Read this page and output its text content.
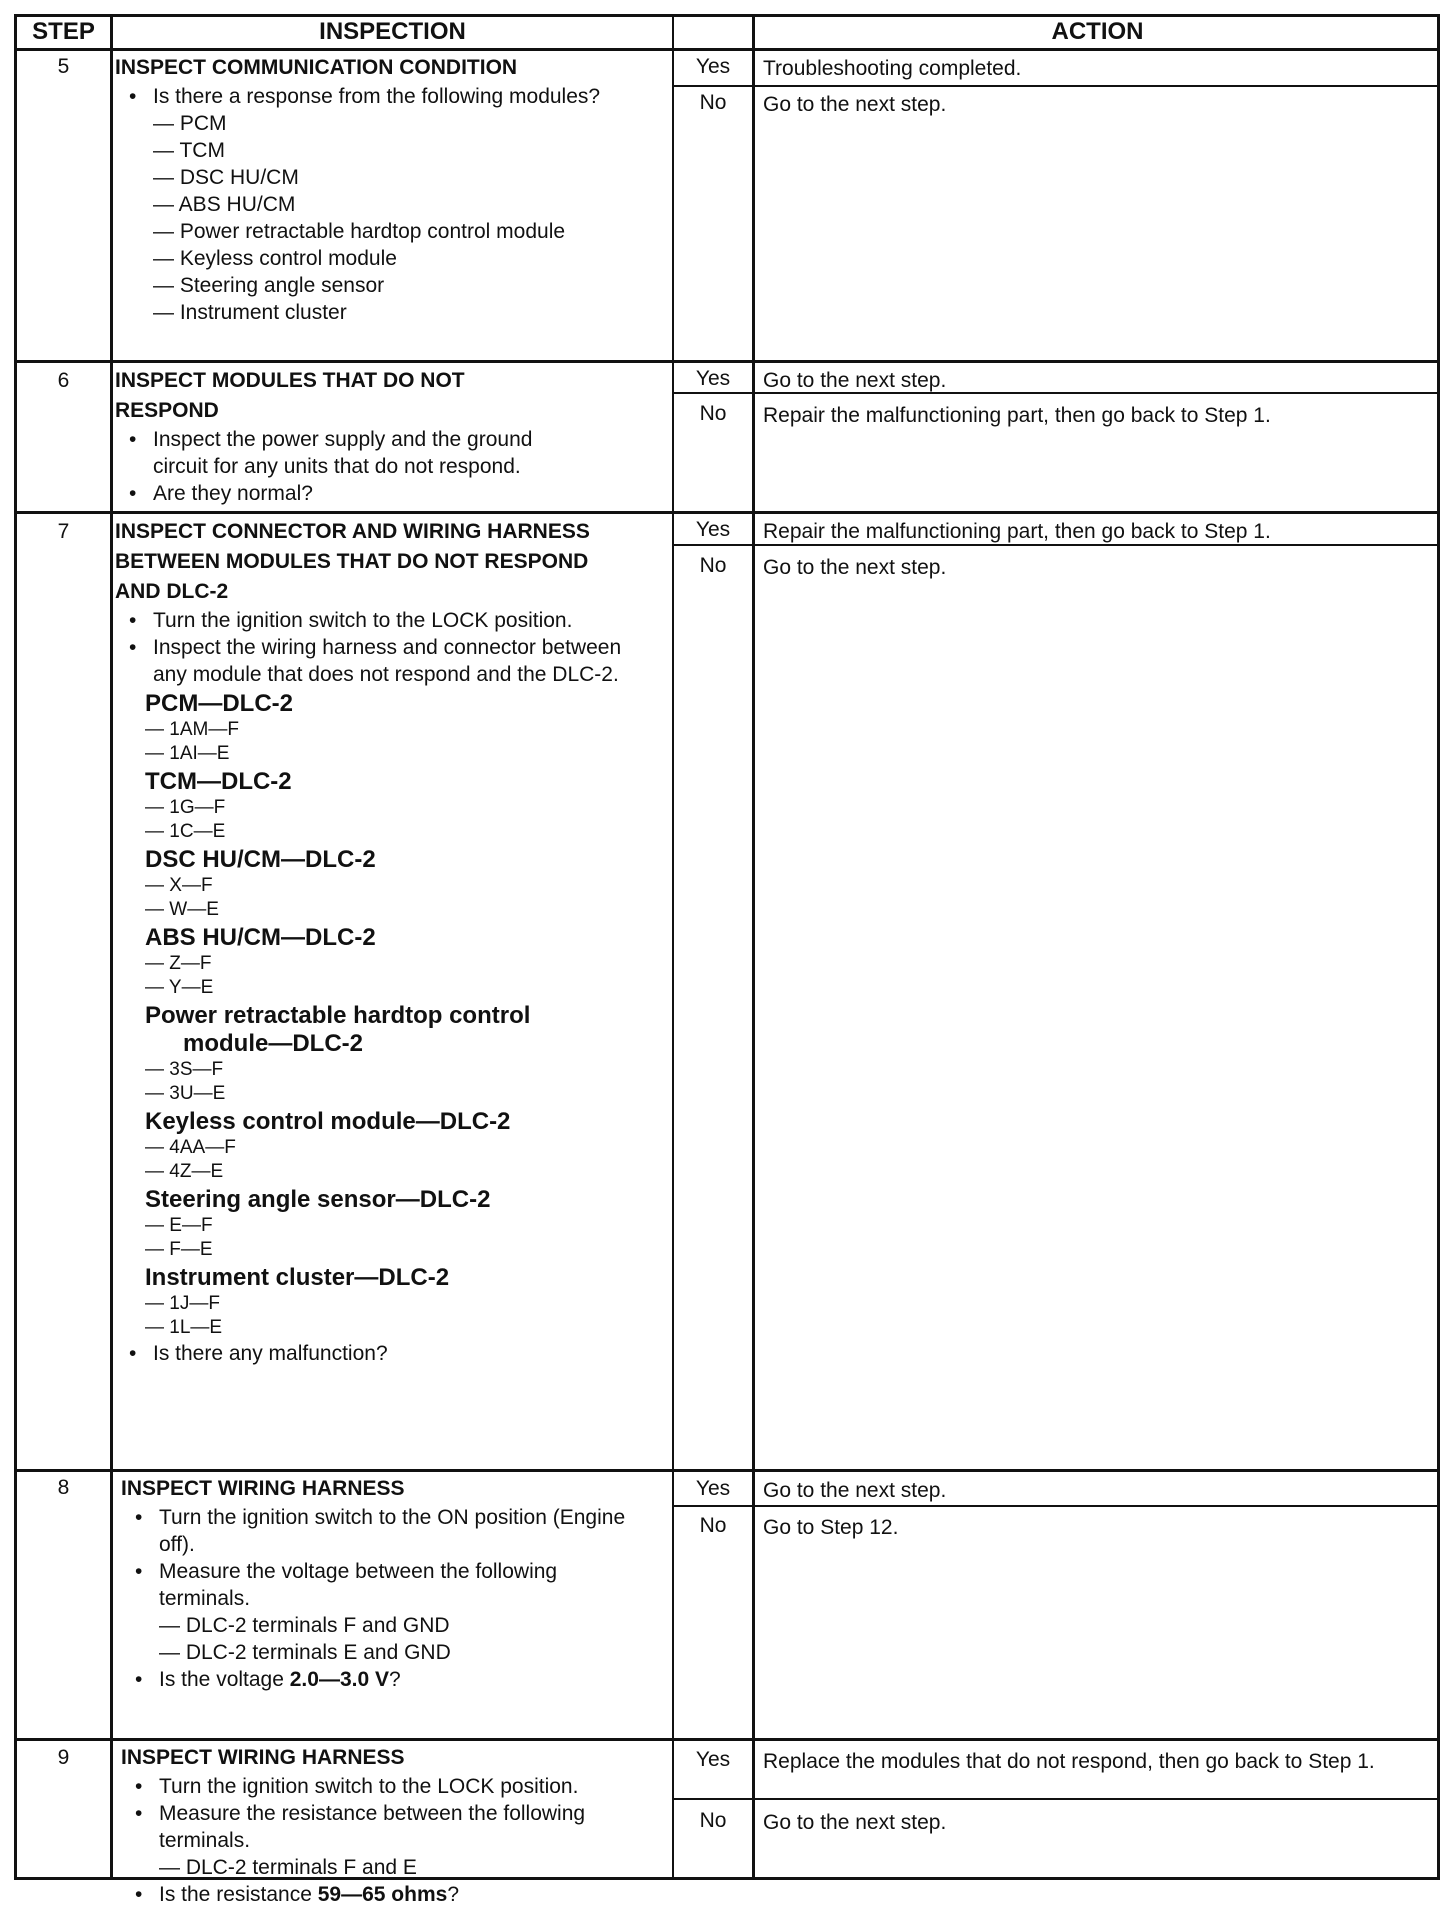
STEP	INSPECTION	ACTION
5	INSPECT COMMUNICATION CONDITION
• Is there a response from the following modules?
— PCM
— TCM
— DSC HU/CM
— ABS HU/CM
— Power retractable hardtop control module
— Keyless control module
— Steering angle sensor
— Instrument cluster
Yes	Troubleshooting completed.
No	Go to the next step.
6	INSPECT MODULES THAT DO NOT RESPOND
• Inspect the power supply and the ground circuit for any units that do not respond.
• Are they normal?
Yes	Go to the next step.
No	Repair the malfunctioning part, then go back to Step 1.
7	INSPECT CONNECTOR AND WIRING HARNESS BETWEEN MODULES THAT DO NOT RESPOND AND DLC-2
• Turn the ignition switch to the LOCK position.
• Inspect the wiring harness and connector between any module that does not respond and the DLC-2.
PCM—DLC-2
— 1AM—F
— 1AI—E
TCM—DLC-2
— 1G—F
— 1C—E
DSC HU/CM—DLC-2
— X—F
— W—E
ABS HU/CM—DLC-2
— Z—F
— Y—E
Power retractable hardtop control
module—DLC-2
— 3S—F
— 3U—E
Keyless control module—DLC-2
— 4AA—F
— 4Z—E
Steering angle sensor—DLC-2
— E—F
— F—E
Instrument cluster—DLC-2
— 1J—F
— 1L—E
• Is there any malfunction?
Yes	Repair the malfunctioning part, then go back to Step 1.
No	Go to the next step.
8	INSPECT WIRING HARNESS
• Turn the ignition switch to the ON position (Engine off).
• Measure the voltage between the following terminals.
— DLC-2 terminals F and GND
— DLC-2 terminals E and GND
• Is the voltage 2.0—3.0 V?
Yes	Go to the next step.
No	Go to Step 12.
9	INSPECT WIRING HARNESS
• Turn the ignition switch to the LOCK position.
• Measure the resistance between the following terminals.
— DLC-2 terminals F and E
• Is the resistance 59—65 ohms?
Yes	Replace the modules that do not respond, then go back to Step 1.
No	Go to the next step.
